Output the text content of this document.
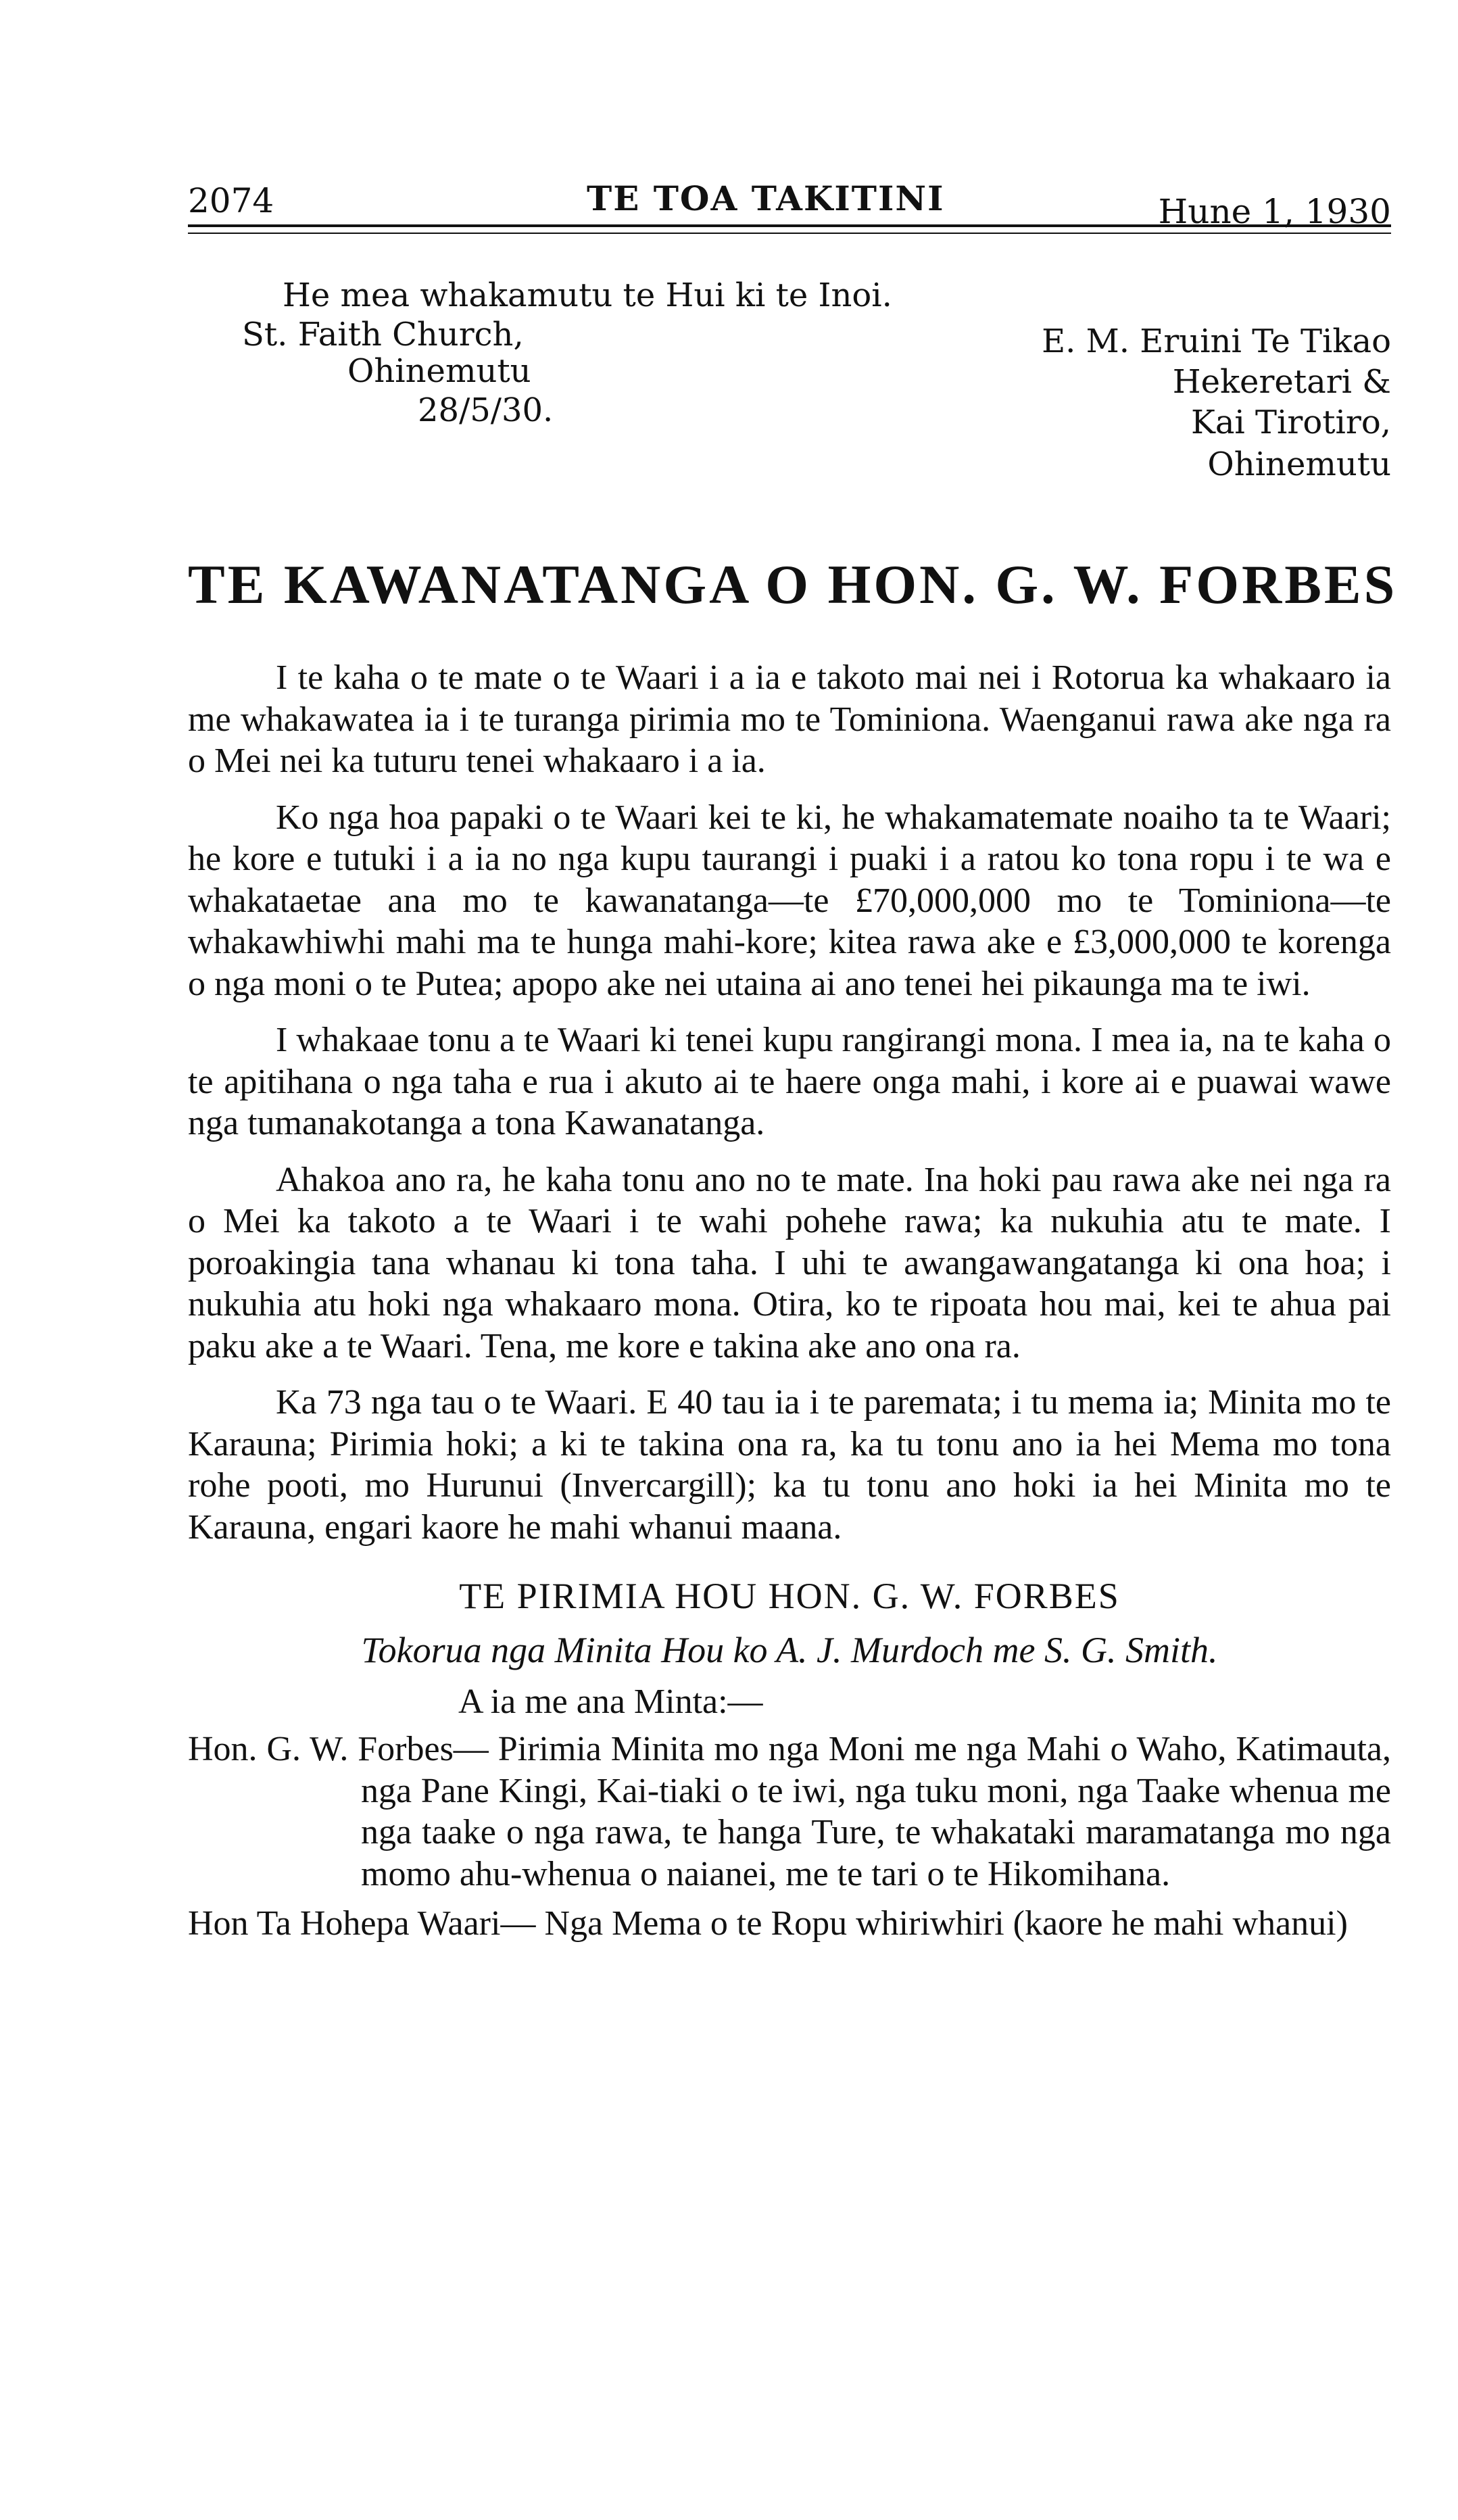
2074	TE TOA TAKITINI	Hune 1, 1930
He mea whakamutu te Hui ki te Inoi.
St. Faith Church,
Ohinemutu
28/5/30.
E. M. Eruini Te Tikao
Hekeretari &
Kai Tirotiro,
Ohinemutu
TE KAWANATANGA O HON. G. W. FORBES

I te kaha o te mate o te Waari i a ia e takoto mai nei i Rotorua ka whakaaro ia me whakawatea ia i te turanga pirimia mo te Tominiona. Waenganui rawa ake nga ra o Mei nei ka tuturu tenei whakaaro i a ia.

Ko nga hoa papaki o te Waari kei te ki, he whakamatemate noaiho ta te Waari; he kore e tutuki i a ia no nga kupu taurangi i puaki i a ratou ko tona ropu i te wa e whakataetae ana mo te kawanatanga—te £70,000,000 mo te Tominiona—te whakawhiwhi mahi ma te hunga mahi-kore; kitea rawa ake e £3,000,000 te korenga o nga moni o te Putea; apopo ake nei utaina ai ano tenei hei pikaunga ma te iwi.

I whakaae tonu a te Waari ki tenei kupu rangirangi mona. I mea ia, na te kaha o te apitihana o nga taha e rua i akuto ai te haere onga mahi, i kore ai e puawai wawe nga tumanakotanga a tona Kawanatanga.

Ahakoa ano ra, he kaha tonu ano no te mate. Ina hoki pau rawa ake nei nga ra o Mei ka takoto a te Waari i te wahi pohehe rawa; ka nukuhia atu te mate. I poroakingia tana whanau ki tona taha. I uhi te awangawangatanga ki ona hoa; i nukuhia atu hoki nga whakaaro mona. Otira, ko te ripoata hou mai, kei te ahua pai paku ake a te Waari. Tena, me kore e takina ake ano ona ra.

Ka 73 nga tau o te Waari. E 40 tau ia i te paremata; i tu mema ia; Minita mo te Karauna; Pirimia hoki; a ki te takina ona ra, ka tu tonu ano ia hei Mema mo tona rohe pooti, mo Hurunui (Invercargill); ka tu tonu ano hoki ia hei Minita mo te Karauna, engari kaore he mahi whanui maana.

TE PIRIMIA HOU HON. G. W. FORBES
Tokorua nga Minita Hou ko A. J. Murdoch me S. G. Smith.
A ia me ana Minta:—
Hon. G. W. Forbes— Pirimia Minita mo nga Moni me nga Mahi o Waho, Katimauta, nga Pane Kingi, Kai-tiaki o te iwi, nga tuku moni, nga Taake whenua me nga taake o nga rawa, te hanga Ture, te whakataki maramatanga mo nga momo ahu-whenua o naianei, me te tari o te Hikomihana.
Hon Ta Hohepa Waari— Nga Mema o te Ropu whiriwhiri (kaore he mahi whanui)
